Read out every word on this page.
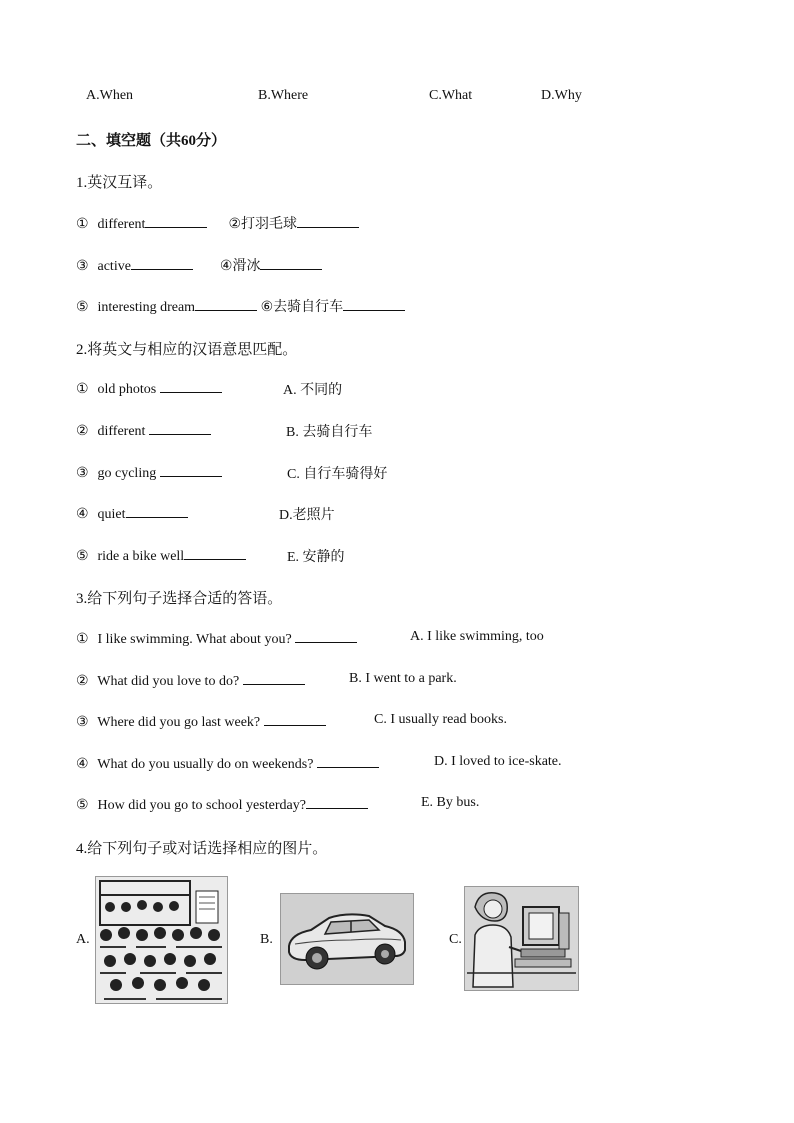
A.When	B.Where	C.What	D.Why
二、填空题（共60分）
1.英汉互译。
① different	②打羽毛球
③ active	④滑冰
⑤ interesting dream	⑥去骑自行车
2.将英文与相应的汉语意思匹配。
① old photos	A. 不同的
② different	B. 去骑自行车
③ go cycling	C. 自行车骑得好
④ quiet	D.老照片
⑤ ride a bike well	E. 安静的
3.给下列句子选择合适的答语。
① I like swimming. What about you?	A. I like swimming, too
② What did you love to do?	B. I went to a park.
③ Where did you go last week?	C. I usually read books.
④ What do you usually do on weekends?	D. I loved to ice-skate.
⑤ How did you go to school yesterday?	E. By bus.
4.给下列句子或对话选择相应的图片。
A.	B.	C.
